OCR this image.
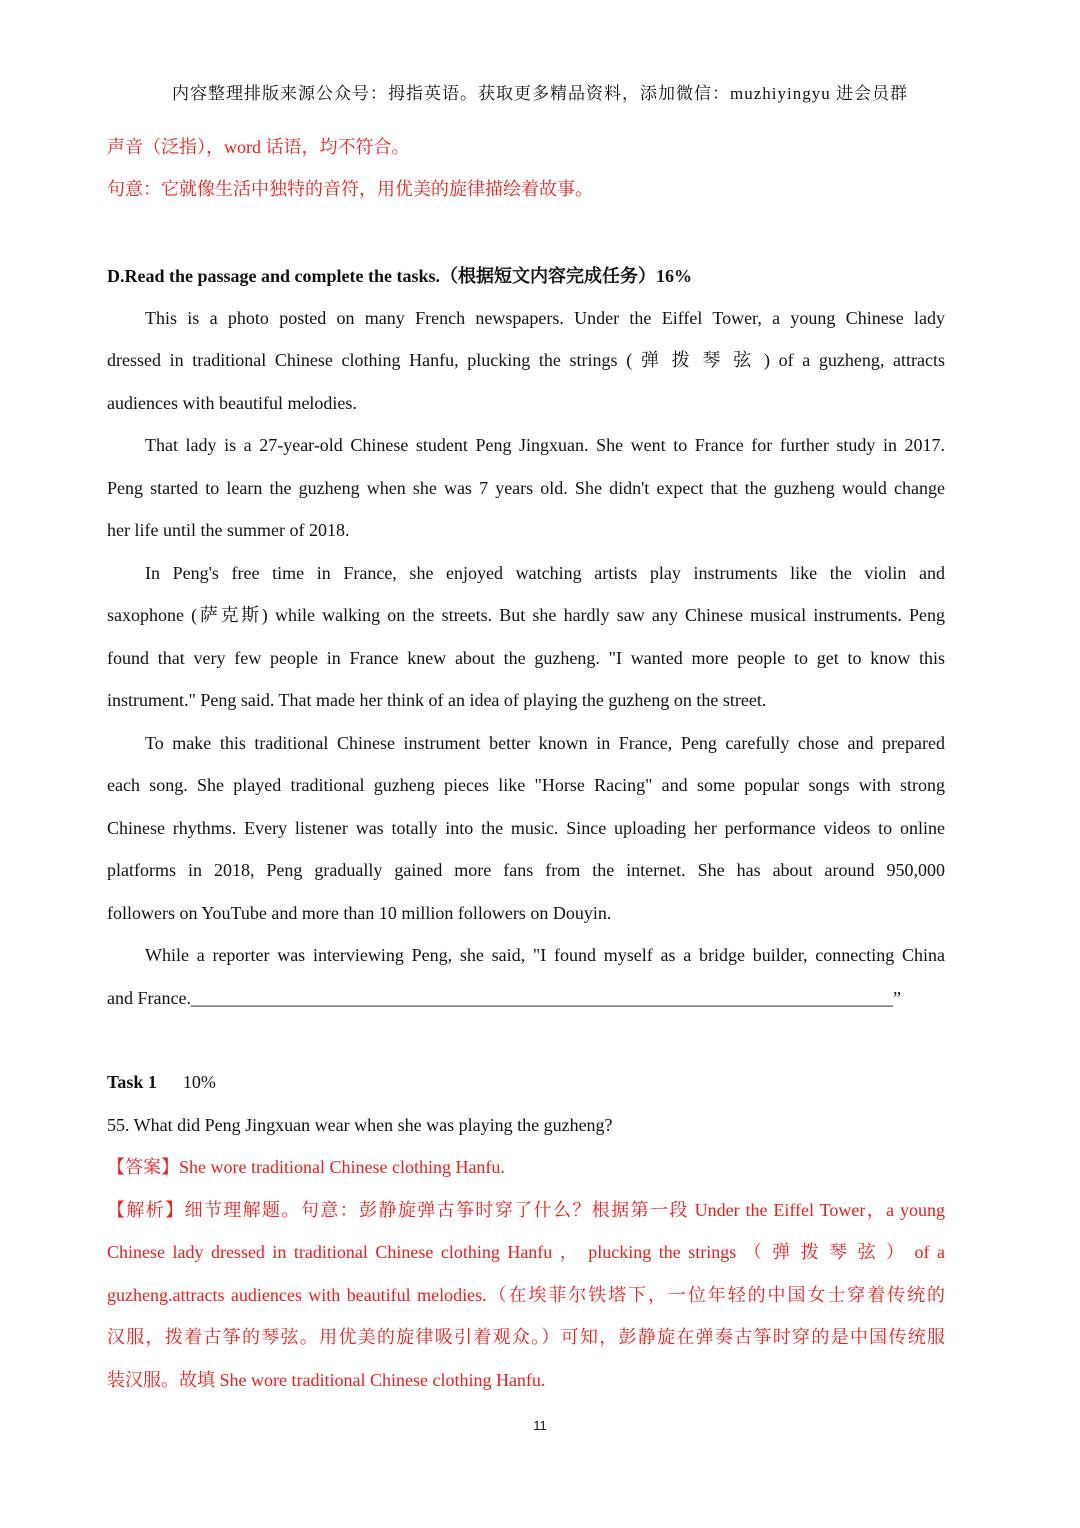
内容整理排版来源公众号：拇指英语。获取更多精品资料，添加微信：muzhiyingyu 进会员群
声音（泛指），word 话语，均不符合。
句意：它就像生活中独特的音符，用优美的旋律描绘着故事。
D.Read the passage and complete the tasks.（根据短文内容完成任务）16%
This is a photo posted on many French newspapers. Under the Eiffel Tower, a young Chinese lady
dressed in traditional Chinese clothing Hanfu, plucking the strings ( 弹 拨 琴 弦 ) of a guzheng, attracts
audiences with beautiful melodies.
That lady is a 27-year-old Chinese student Peng Jingxuan. She went to France for further study in 2017.
Peng started to learn the guzheng when she was 7 years old. She didn't expect that the guzheng would change
her life until the summer of 2018.
In Peng's free time in France, she enjoyed watching artists play instruments like the violin and
saxophone (萨克斯) while walking on the streets. But she hardly saw any Chinese musical instruments. Peng
found that very few people in France knew about the guzheng. "I wanted more people to get to know this
instrument." Peng said. That made her think of an idea of playing the guzheng on the street.
To make this traditional Chinese instrument better known in France, Peng carefully chose and prepared
each song. She played traditional guzheng pieces like "Horse Racing" and some popular songs with strong
Chinese rhythms. Every listener was totally into the music. Since uploading her performance videos to online
platforms in 2018, Peng gradually gained more fans from the internet. She has about around 950,000
followers on YouTube and more than 10 million followers on Douyin.
While a reporter was interviewing Peng, she said, "I found myself as a bridge builder, connecting China
and France.______________________________________________________________________________”
Task 1 10%
55. What did Peng Jingxuan wear when she was playing the guzheng?
【答案】She wore traditional Chinese clothing Hanfu.
【解析】细节理解题。句意：彭静旋弹古筝时穿了什么？根据第一段 Under the Eiffel Tower，a young
Chinese lady dressed in traditional Chinese clothing Hanfu ， plucking the strings （ 弹 拨 琴 弦 ） of a
guzheng.attracts audiences with beautiful melodies.（在埃菲尔铁塔下，一位年轻的中国女士穿着传统的
汉服，拨着古筝的琴弦。用优美的旋律吸引着观众。）可知，彭静旋在弹奏古筝时穿的是中国传统服
装汉服。故填 She wore traditional Chinese clothing Hanfu.
11
